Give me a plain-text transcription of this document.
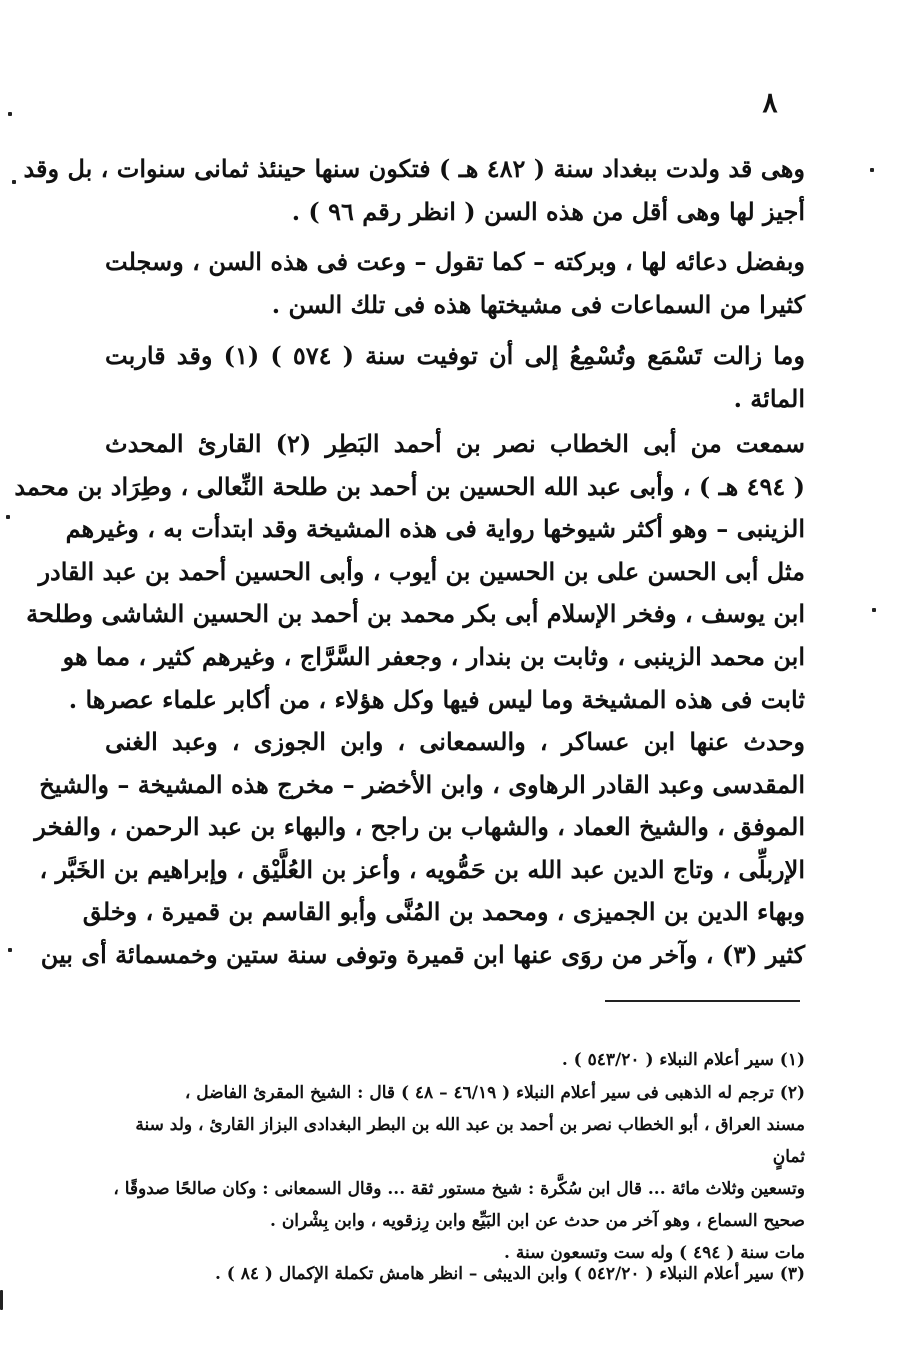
٨
وهى قد ولدت ببغداد سنة ( ٤٨٢ هـ ) فتكون سنها حينئذ ثمانى سنوات ، بل وقد
أجيز لها وهى أقل من هذه السن ( انظر رقم ٩٦ ) .
وبفضل دعائه لها ، وبركته – كما تقول – وعت فى هذه السن ، وسجلت
كثيرا من السماعات فى مشيختها هذه فى تلك السن .
وما زالت تَسْمَع وتُسْمِعُ إلى أن توفيت سنة ( ٥٧٤ ) (١) وقد قاربت
المائة .
سمعت من أبى الخطاب نصر بن أحمد البَطِر (٢) القارئ المحدث
( ٤٩٤ هـ ) ، وأبى عبد الله الحسين بن أحمد بن طلحة النِّعالى ، وطِرَاد بن محمد
الزينبى – وهو أكثر شيوخها رواية فى هذه المشيخة وقد ابتدأت به ، وغيرهم
مثل أبى الحسن على بن الحسين بن أيوب ، وأبى الحسين أحمد بن عبد القادر
ابن يوسف ، وفخر الإسلام أبى بكر محمد بن أحمد بن الحسين الشاشى وطلحة
ابن محمد الزينبى ، وثابت بن بندار ، وجعفر السَّرَّاج ، وغيرهم كثير ، مما هو
ثابت فى هذه المشيخة وما ليس فيها وكل هؤلاء ، من أكابر علماء عصرها .
وحدث عنها ابن عساكر ، والسمعانى ، وابن الجوزى ، وعبد الغنى
المقدسى وعبد القادر الرهاوى ، وابن الأخضر – مخرج هذه المشيخة – والشيخ
الموفق ، والشيخ العماد ، والشهاب بن راجح ، والبهاء بن عبد الرحمن ، والفخر
الإربلِّى ، وتاج الدين عبد الله بن حَمُّويه ، وأعز بن العُلَّيْق ، وإبراهيم بن الخَبَّر ،
وبهاء الدين بن الجميزى ، ومحمد بن المُنَّى وأبو القاسم بن قميرة ، وخلق
كثير (٣) ، وآخر من روَى عنها ابن قميرة وتوفى سنة ستين وخمسمائة أى بين
(١) سير أعلام النبلاء ( ٥٤٣/٢٠ ) .
(٢) ترجم له الذهبى فى سير أعلام النبلاء ( ٤٦/١٩ – ٤٨ ) قال : الشيخ المقرئ الفاضل ،
مسند العراق ، أبو الخطاب نصر بن أحمد بن عبد الله بن البطر البغدادى البزاز القارئ ، ولد سنة ثمانٍ
وتسعين وثلاث مائة ... قال ابن سُكَّرة : شيخ مستور ثقة ... وقال السمعانى : وكان صالحًا صدوقًا ،
صحيح السماع ، وهو آخر من حدث عن ابن البَيِّع وابن رِزقويه ، وابن بِشْران .
مات سنة ( ٤٩٤ ) وله ست وتسعون سنة .
(٣) سير أعلام النبلاء ( ٥٤٢/٢٠ ) وابن الديبثى – انظر هامش تكملة الإكمال ( ٨٤ ) .
